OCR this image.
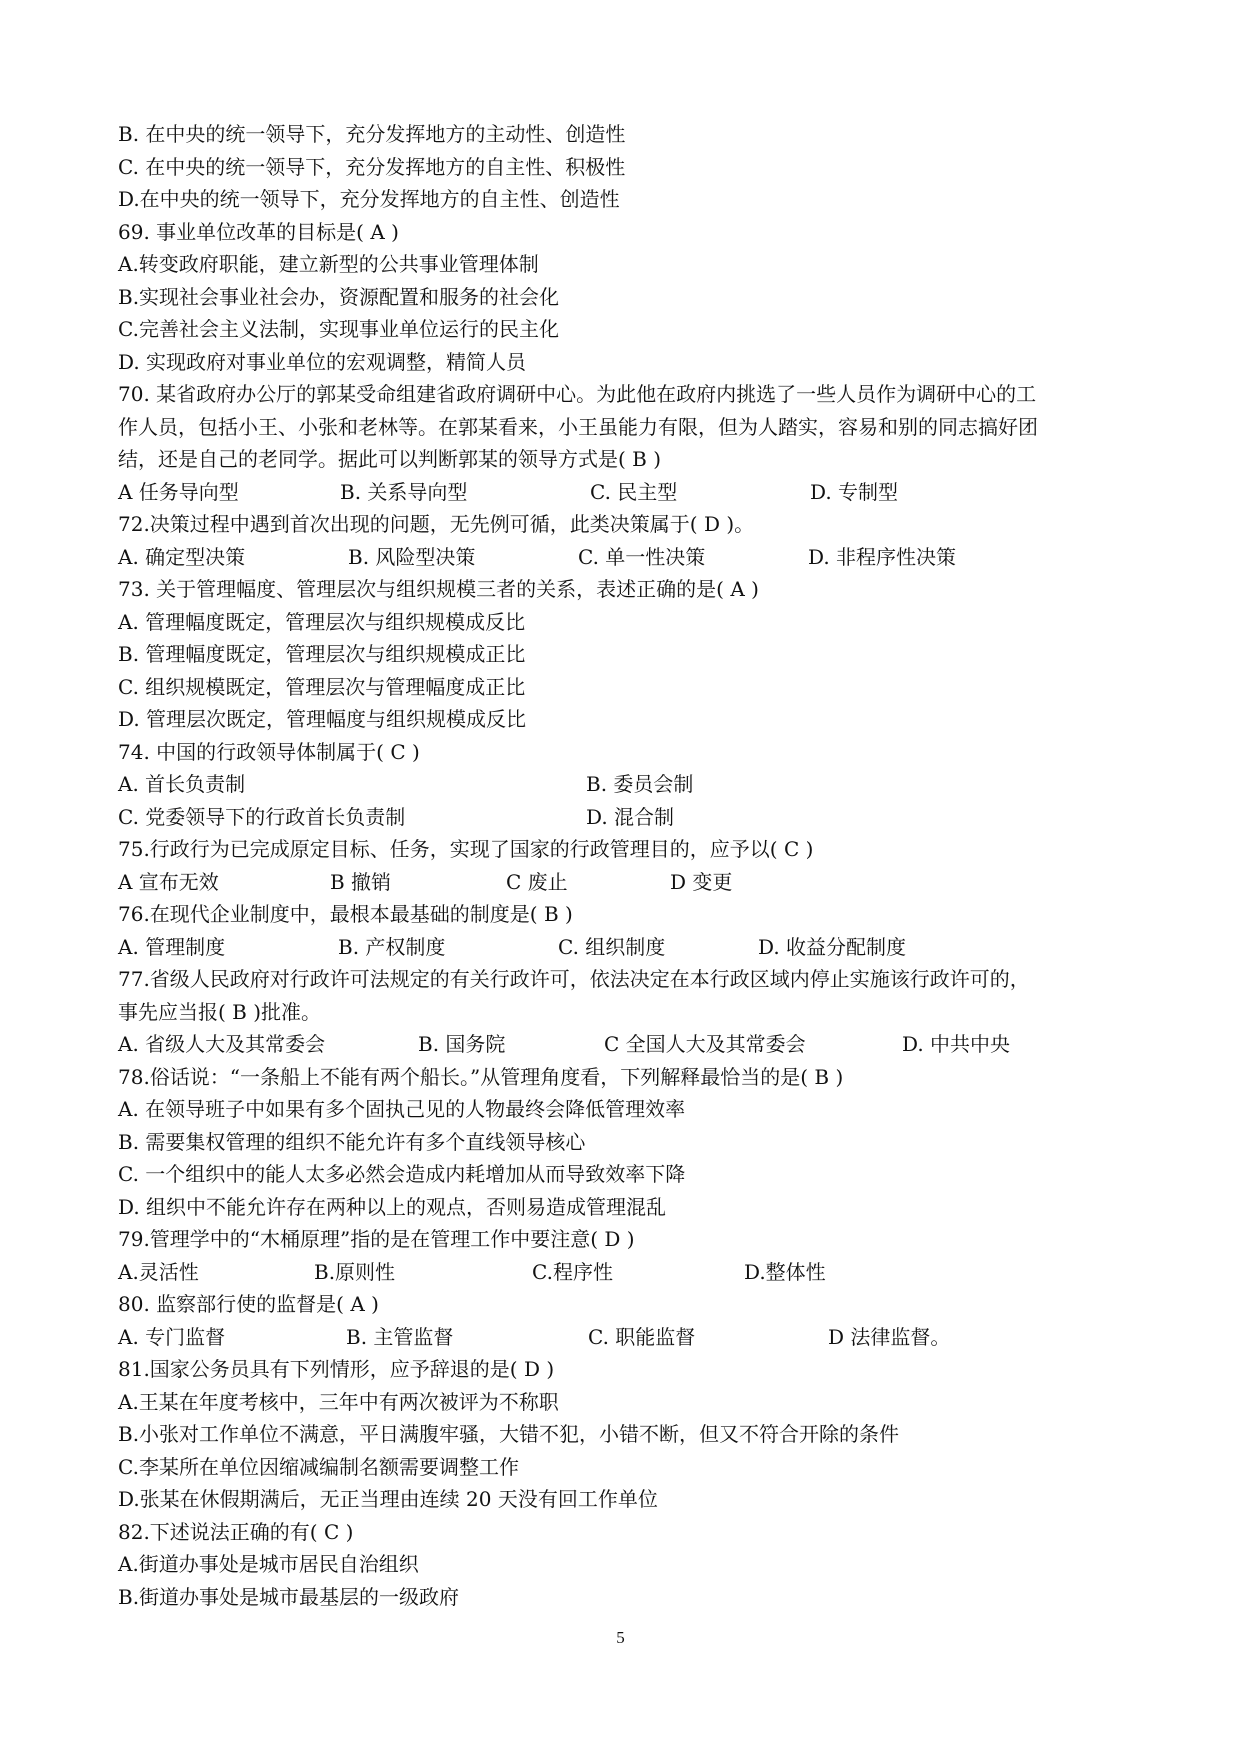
B. 在中央的统一领导下，充分发挥地方的主动性、创造性
C. 在中央的统一领导下，充分发挥地方的自主性、积极性
D.在中央的统一领导下，充分发挥地方的自主性、创造性
69. 事业单位改革的目标是( A )
A.转变政府职能，建立新型的公共事业管理体制
B.实现社会事业社会办，资源配置和服务的社会化
C.完善社会主义法制，实现事业单位运行的民主化
D. 实现政府对事业单位的宏观调整，精简人员
70. 某省政府办公厅的郭某受命组建省政府调研中心。为此他在政府内挑选了一些人员作为调研中心的工
作人员，包括小王、小张和老林等。在郭某看来，小王虽能力有限，但为人踏实，容易和别的同志搞好团
结，还是自己的老同学。据此可以判断郭某的领导方式是( B )
A 任务导向型	B. 关系导向型	C. 民主型	D. 专制型
72.决策过程中遇到首次出现的问题，无先例可循，此类决策属于( D )。
A. 确定型决策	B. 风险型决策	C. 单一性决策	D. 非程序性决策
73. 关于管理幅度、管理层次与组织规模三者的关系，表述正确的是( A )
A. 管理幅度既定，管理层次与组织规模成反比
B. 管理幅度既定，管理层次与组织规模成正比
C. 组织规模既定，管理层次与管理幅度成正比
D. 管理层次既定，管理幅度与组织规模成反比
74. 中国的行政领导体制属于( C )
A. 首长负责制	B. 委员会制
C. 党委领导下的行政首长负责制	D. 混合制
75.行政行为已完成原定目标、任务，实现了国家的行政管理目的，应予以( C )
A 宣布无效	B 撤销	C 废止	D 变更
76.在现代企业制度中，最根本最基础的制度是( B )
A. 管理制度	B. 产权制度	C. 组织制度	D. 收益分配制度
77.省级人民政府对行政许可法规定的有关行政许可，依法决定在本行政区域内停止实施该行政许可的，
事先应当报( B )批准。
A. 省级人大及其常委会	B. 国务院	C 全国人大及其常委会	D. 中共中央
78.俗话说：“一条船上不能有两个船长。”从管理角度看，下列解释最恰当的是( B )
A. 在领导班子中如果有多个固执己见的人物最终会降低管理效率
B. 需要集权管理的组织不能允许有多个直线领导核心
C. 一个组织中的能人太多必然会造成内耗增加从而导致效率下降
D. 组织中不能允许存在两种以上的观点，否则易造成管理混乱
79.管理学中的“木桶原理”指的是在管理工作中要注意( D )
A.灵活性	B.原则性	C.程序性	D.整体性
80. 监察部行使的监督是( A )
A. 专门监督	B. 主管监督	C. 职能监督	D 法律监督。
81.国家公务员具有下列情形，应予辞退的是( D )
A.王某在年度考核中，三年中有两次被评为不称职
B.小张对工作单位不满意，平日满腹牢骚，大错不犯，小错不断，但又不符合开除的条件
C.李某所在单位因缩减编制名额需要调整工作
D.张某在休假期满后，无正当理由连续 20 天没有回工作单位
82.下述说法正确的有( C )
A.街道办事处是城市居民自治组织
B.街道办事处是城市最基层的一级政府
5
